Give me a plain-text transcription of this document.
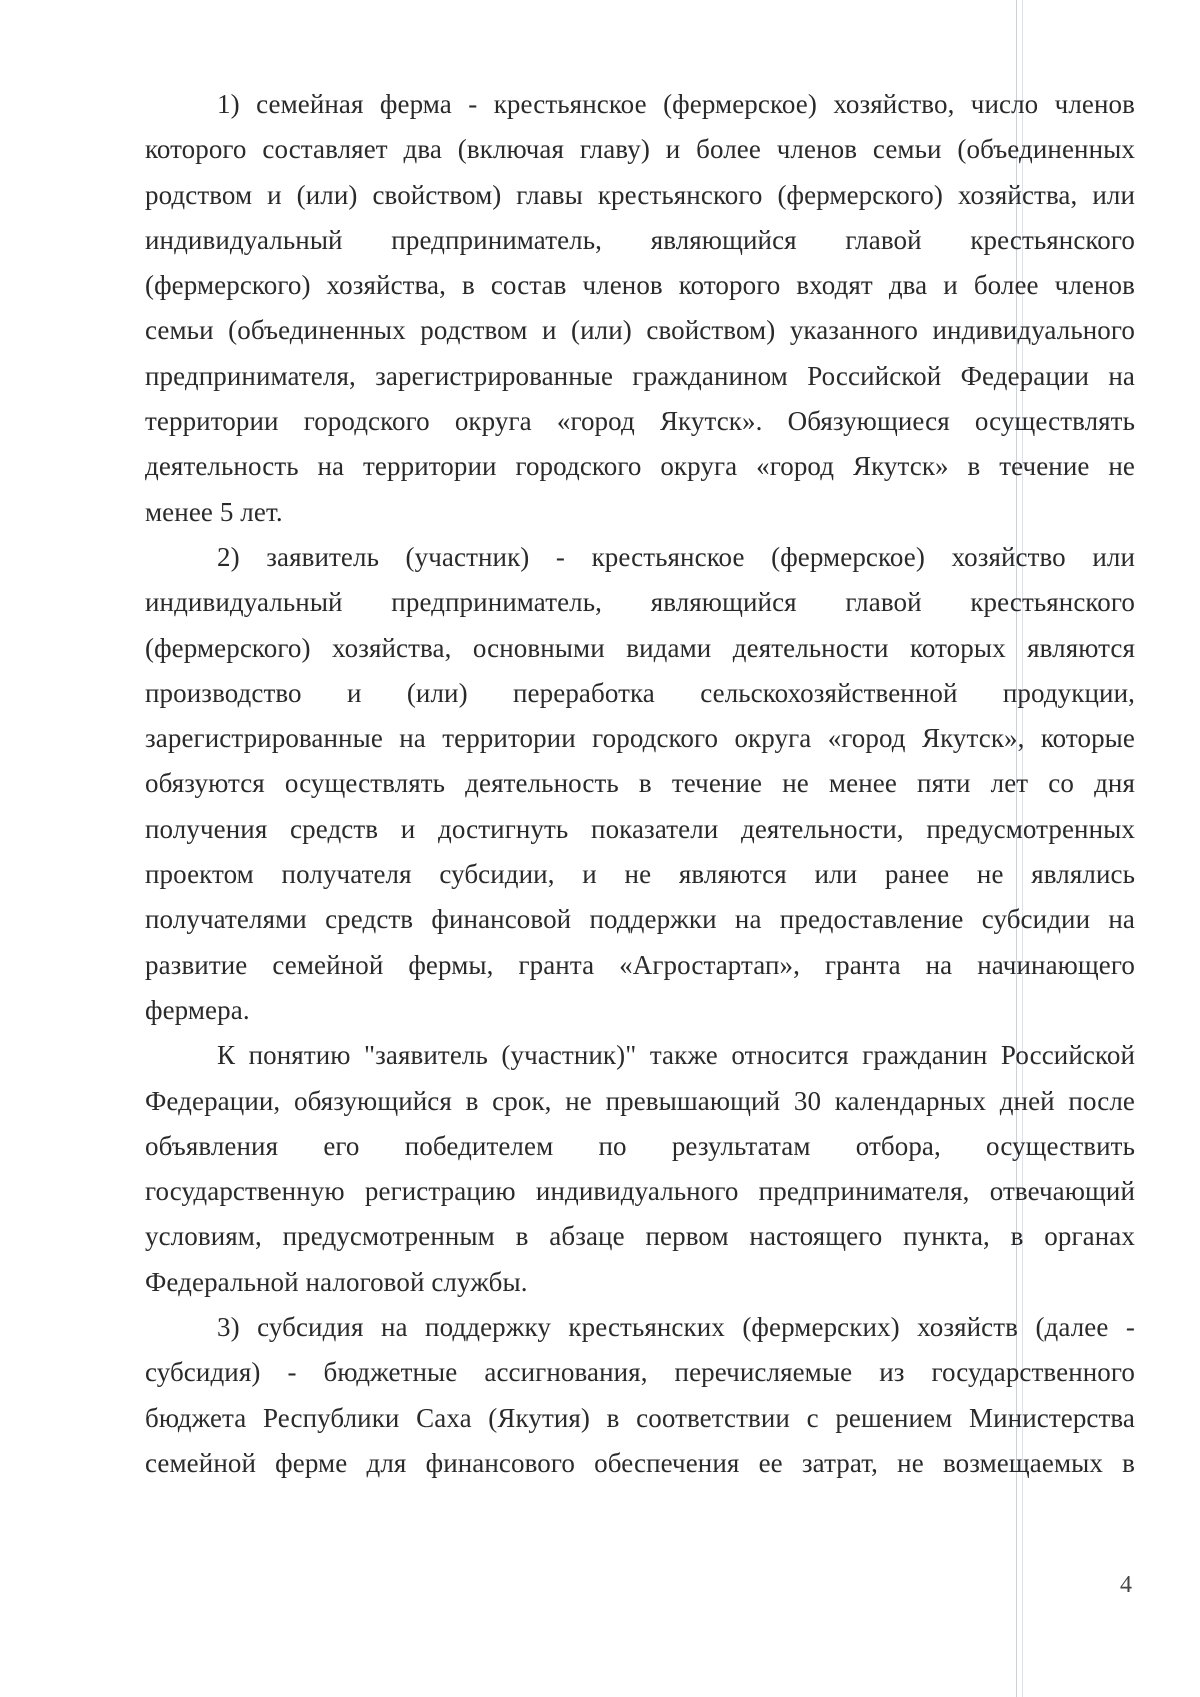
1) семейная ферма - крестьянское (фермерское) хозяйство, число членов
которого составляет два (включая главу) и более членов семьи (объединенных
родством и (или) свойством) главы крестьянского (фермерского) хозяйства, или
индивидуальный предприниматель, являющийся главой крестьянского
(фермерского) хозяйства, в состав членов которого входят два и более членов
семьи (объединенных родством и (или) свойством) указанного индивидуального
предпринимателя, зарегистрированные гражданином Российской Федерации на
территории городского округа «город Якутск». Обязующиеся осуществлять
деятельность на территории городского округа «город Якутск» в течение не
менее 5 лет.
2) заявитель (участник) - крестьянское (фермерское) хозяйство или
индивидуальный предприниматель, являющийся главой крестьянского
(фермерского) хозяйства, основными видами деятельности которых являются
производство и (или) переработка сельскохозяйственной продукции,
зарегистрированные на территории городского округа «город Якутск», которые
обязуются осуществлять деятельность в течение не менее пяти лет со дня
получения средств и достигнуть показатели деятельности, предусмотренных
проектом получателя субсидии, и не являются или ранее не являлись
получателями средств финансовой поддержки на предоставление субсидии на
развитие семейной фермы, гранта «Агростартап», гранта на начинающего
фермера.
К понятию "заявитель (участник)" также относится гражданин Российской
Федерации, обязующийся в срок, не превышающий 30 календарных дней после
объявления его победителем по результатам отбора, осуществить
государственную регистрацию индивидуального предпринимателя, отвечающий
условиям, предусмотренным в абзаце первом настоящего пункта, в органах
Федеральной налоговой службы.
3) субсидия на поддержку крестьянских (фермерских) хозяйств (далее -
субсидия) - бюджетные ассигнования, перечисляемые из государственного
бюджета Республики Саха (Якутия) в соответствии с решением Министерства
семейной ферме для финансового обеспечения ее затрат, не возмещаемых в
4
